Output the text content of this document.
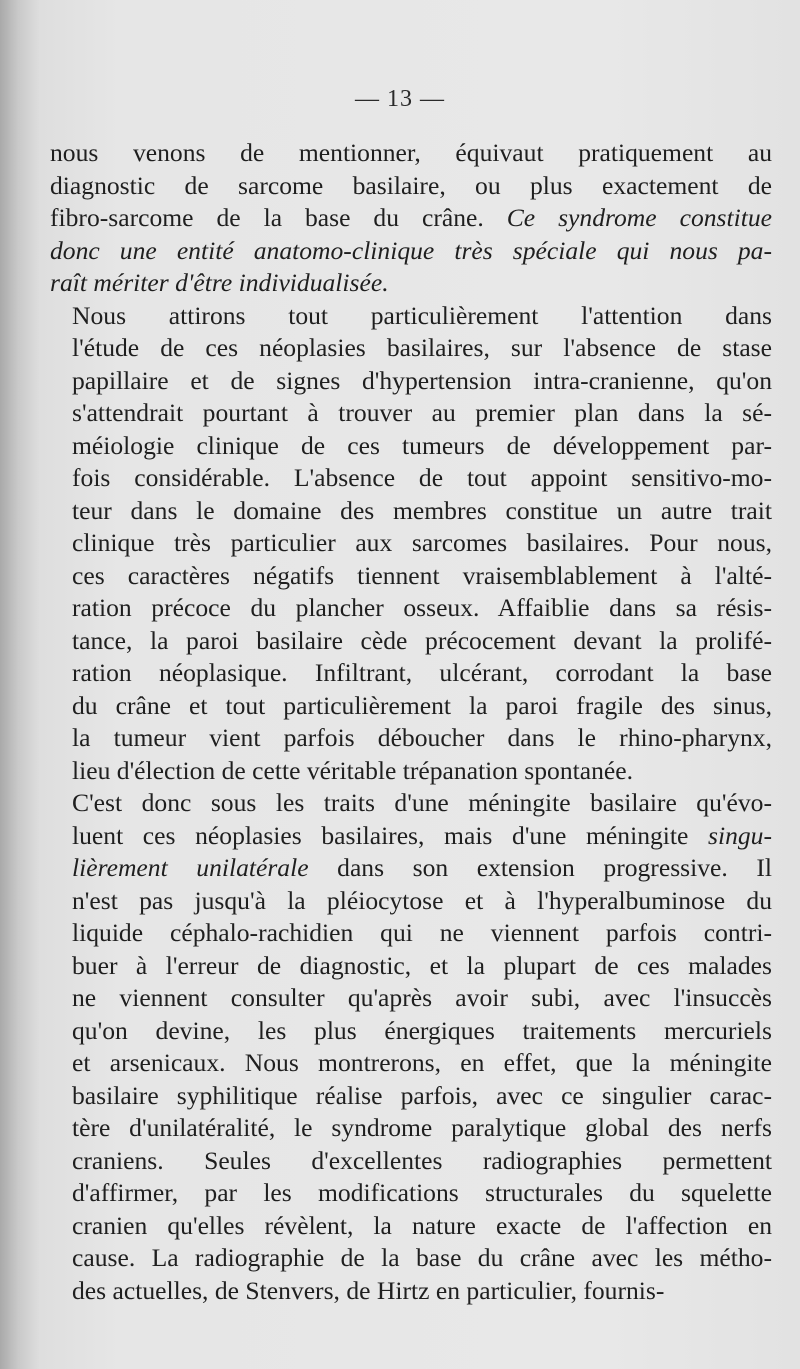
— 13 —

nous venons de mentionner, équivaut pratiquement au
diagnostic de sarcome basilaire, ou plus exactement de
fibro-sarcome de la base du crâne. Ce syndrome constitue
donc une entité anatomo-clinique très spéciale qui nous pa-
raît mériter d'être individualisée.

Nous attirons tout particulièrement l'attention dans
l'étude de ces néoplasies basilaires, sur l'absence de stase
papillaire et de signes d'hypertension intra-cranienne, qu'on
s'attendrait pourtant à trouver au premier plan dans la sé-
méiologie clinique de ces tumeurs de développement par-
fois considérable. L'absence de tout appoint sensitivo-mo-
teur dans le domaine des membres constitue un autre trait
clinique très particulier aux sarcomes basilaires. Pour nous,
ces caractères négatifs tiennent vraisemblablement à l'alté-
ration précoce du plancher osseux. Affaiblie dans sa résis-
tance, la paroi basilaire cède précocement devant la prolifé-
ration néoplasique. Infiltrant, ulcérant, corrodant la base
du crâne et tout particulièrement la paroi fragile des sinus,
la tumeur vient parfois déboucher dans le rhino-pharynx,
lieu d'élection de cette véritable trépanation spontanée.

C'est donc sous les traits d'une méningite basilaire qu'évo-
luent ces néoplasies basilaires, mais d'une méningite singu-
lièrement unilatérale dans son extension progressive. Il
n'est pas jusqu'à la pléiocytose et à l'hyperalbuminose du
liquide céphalo-rachidien qui ne viennent parfois contri-
buer à l'erreur de diagnostic, et la plupart de ces malades
ne viennent consulter qu'après avoir subi, avec l'insuccès
qu'on devine, les plus énergiques traitements mercuriels
et arsenicaux. Nous montrerons, en effet, que la méningite
basilaire syphilitique réalise parfois, avec ce singulier carac-
tère d'unilatéralité, le syndrome paralytique global des nerfs
craniens. Seules d'excellentes radiographies permettent
d'affirmer, par les modifications structurales du squelette
cranien qu'elles révèlent, la nature exacte de l'affection en
cause. La radiographie de la base du crâne avec les métho-
des actuelles, de Stenvers, de Hirtz en particulier, fournis-
